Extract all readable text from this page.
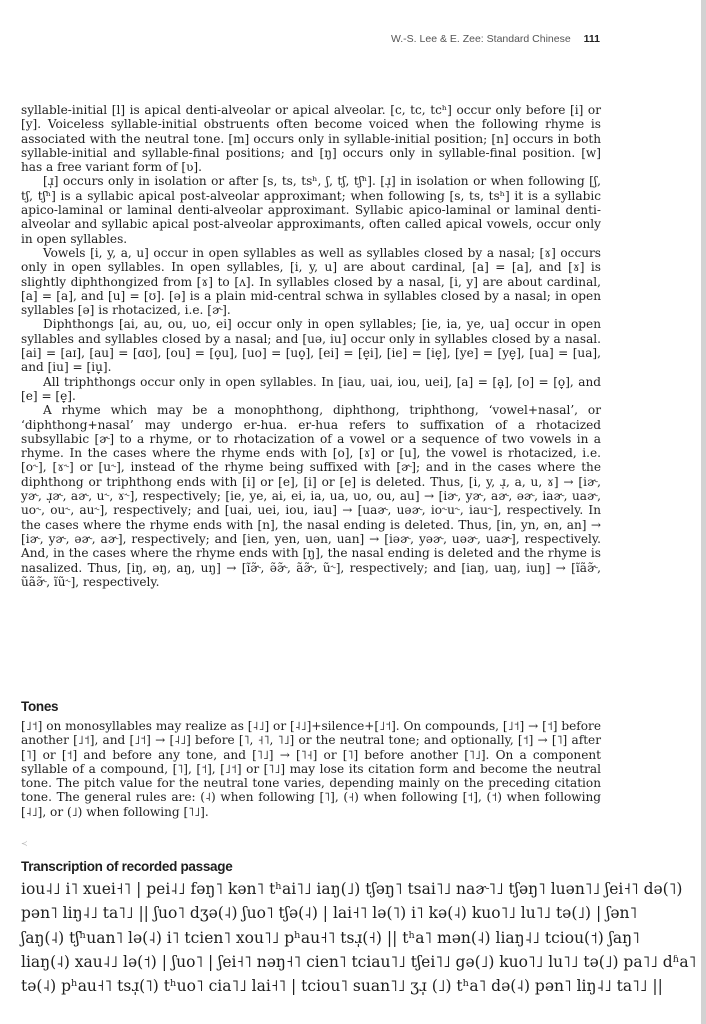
W.-S. Lee & E. Zee: Standard Chinese 111

syllable-initial [l] is apical denti-alveolar or apical alveolar. [c, tc, tcʰ] occur only before [i] or [y]. Voiceless syllable-initial obstruents often become voiced when the following rhyme is associated with the neutral tone. [m] occurs only in syllable-initial position; [n] occurs in both syllable-initial and syllable-final positions; and [ŋ] occurs only in syllable-final position. [w] has a free variant form of [ʋ].

[ɹ̩] occurs only in isolation or after [s, ts, tsʰ, ʃ, tʃ, tʃʰ]. [ɹ̩] in isolation or when following [ʃ, tʃ, tʃʰ] is a syllabic apical post-alveolar approximant; when following [s, ts, tsʰ] it is a syllabic apico-laminal or laminal denti-alveolar approximant. Syllabic apico-laminal or laminal denti-alveolar and syllabic apical post-alveolar approximants, often called apical vowels, occur only in open syllables.

Vowels [i, y, a, u] occur in open syllables as well as syllables closed by a nasal; [ɤ] occurs only in open syllables. In open syllables, [i, y, u] are about cardinal, [a] = [a], and [ɤ] is slightly diphthongized from [ɤ] to [ʌ]. In syllables closed by a nasal, [i, y] are about cardinal, [a] = [a], and [u] = [ʊ]. [ə] is a plain mid-central schwa in syllables closed by a nasal; in open syllables [ə] is rhotacized, i.e. [ɚ].

Diphthongs [ai, au, ou, uo, ei] occur only in open syllables; [ie, ia, ye, ua] occur in open syllables and syllables closed by a nasal; and [uə, iu] occur only in syllables closed by a nasal. [ai] = [aɪ], [au] = [ɑʊ], [ou] = [o̞u], [uo] = [uo̞], [ei] = [e̞i], [ie] = [ie̞], [ye] = [ye̞], [ua] = [ua], and [iu] = [iu̞].

All triphthongs occur only in open syllables. In [iau, uai, iou, uei], [a] = [a̞], [o] = [o̞], and [e] = [e̞].

A rhyme which may be a monophthong, diphthong, triphthong, ‘vowel+nasal’, or ‘diphthong+nasal’ may undergo er-hua. er-hua refers to suffixation of a rhotacized subsyllabic [ɚ] to a rhyme, or to rhotacization of a vowel or a sequence of two vowels in a rhyme. In the cases where the rhyme ends with [o], [ɤ] or [u], the vowel is rhotacized, i.e. [o˞], [ɤ˞] or [u˞], instead of the rhyme being suffixed with [ɚ]; and in the cases where the diphthong or triphthong ends with [i] or [e], [i] or [e] is deleted. Thus, [i, y, ɹ̩, a, u, ɤ] → [iɚ, yɚ, ɹ̩ɚ, aɚ, u˞, ɤ˞], respectively; [ie, ye, ai, ei, ia, ua, uo, ou, au] → [iɚ, yɚ, aɚ, əɚ, iaɚ, uaɚ, uo˞, ou˞, au˞], respectively; and [uai, uei, iou, iau] → [uaɚ, uəɚ, io˞u˞, iau˞], respectively. In the cases where the rhyme ends with [n], the nasal ending is deleted. Thus, [in, yn, ən, an] → [iɚ, yɚ, əɚ, aɚ], respectively; and [ien, yen, uən, uan] → [iəɚ, yəɚ, uəɚ, uaɚ], respectively. And, in the cases where the rhyme ends with [ŋ], the nasal ending is deleted and the rhyme is nasalized. Thus, [iŋ, əŋ, aŋ, uŋ] → [ĩɚ̃, ə̃ɚ̃, ãɚ̃, ũ˞], respectively; and [iaŋ, uaŋ, iuŋ] → [ĩãɚ̃, ũãɚ̃, ĩũ˞], respectively.

Tones

[˩˦] on monosyllables may realize as [˨˩] or [˨˩]+silence+[˩˦]. On compounds, [˩˦] → [˦] before another [˩˦], and [˩˦] → [˨˩] before [˥, ˧˥, ˥˩] or the neutral tone; and optionally, [˦] → [˥] after [˥] or [˦] and before any tone, and [˥˩] → [˥˧] or [˥] before another [˥˩]. On a component syllable of a compound, [˥], [˦], [˩˦] or [˥˩] may lose its citation form and become the neutral tone. The pitch value for the neutral tone varies, depending mainly on the preceding citation tone. The general rules are: (˨) when following [˥], (˧) when following [˦], (˦) when following [˨˩], or (˩) when following [˥˩].

≺
Transcription of recorded passage
iou˨˩ i˥ xuei˧˥ | pei˨˩ fəŋ˥ kən˥ tʰai˥˩ iaŋ(˩) tʃəŋ˥ tsai˥˩ naɚ˥˩ tʃəŋ˥ luən˥˩ ʃei˧˥ də(˥)
pən˥ liŋ˨˩ ta˥˩ || ʃuo˥ dʒə(˨) ʃuo˥ tʃə(˨) | lai˧˥ lə(˥) i˥ kə(˨) kuo˥˩ lu˥˩ tə(˩) | ʃən˥
ʃaŋ(˨) tʃʰuan˥ lə(˨) i˥ tcien˥ xou˥˩ pʰau˧˥ tsɹ̩(˧) || tʰa˥ mən(˨) liaŋ˨˩ tciou(˦) ʃaŋ˥
liaŋ(˨) xau˨˩ lə(˦) | ʃuo˥ | ʃei˧˥ nəŋ˧˥ cien˥ tciau˥˩ tʃei˥˩ gə(˩) kuo˥˩ lu˥˩ tə(˩) pa˥˩ dʱa˥
tə(˨) pʰau˧˥ tsɹ̩(˥) tʰuo˥ cia˥˩ lai˧˥ | tciou˥ suan˥˩ ʒɹ̩ (˩) tʰa˥ də(˨) pən˥ liŋ˨˩ ta˥˩ ||
